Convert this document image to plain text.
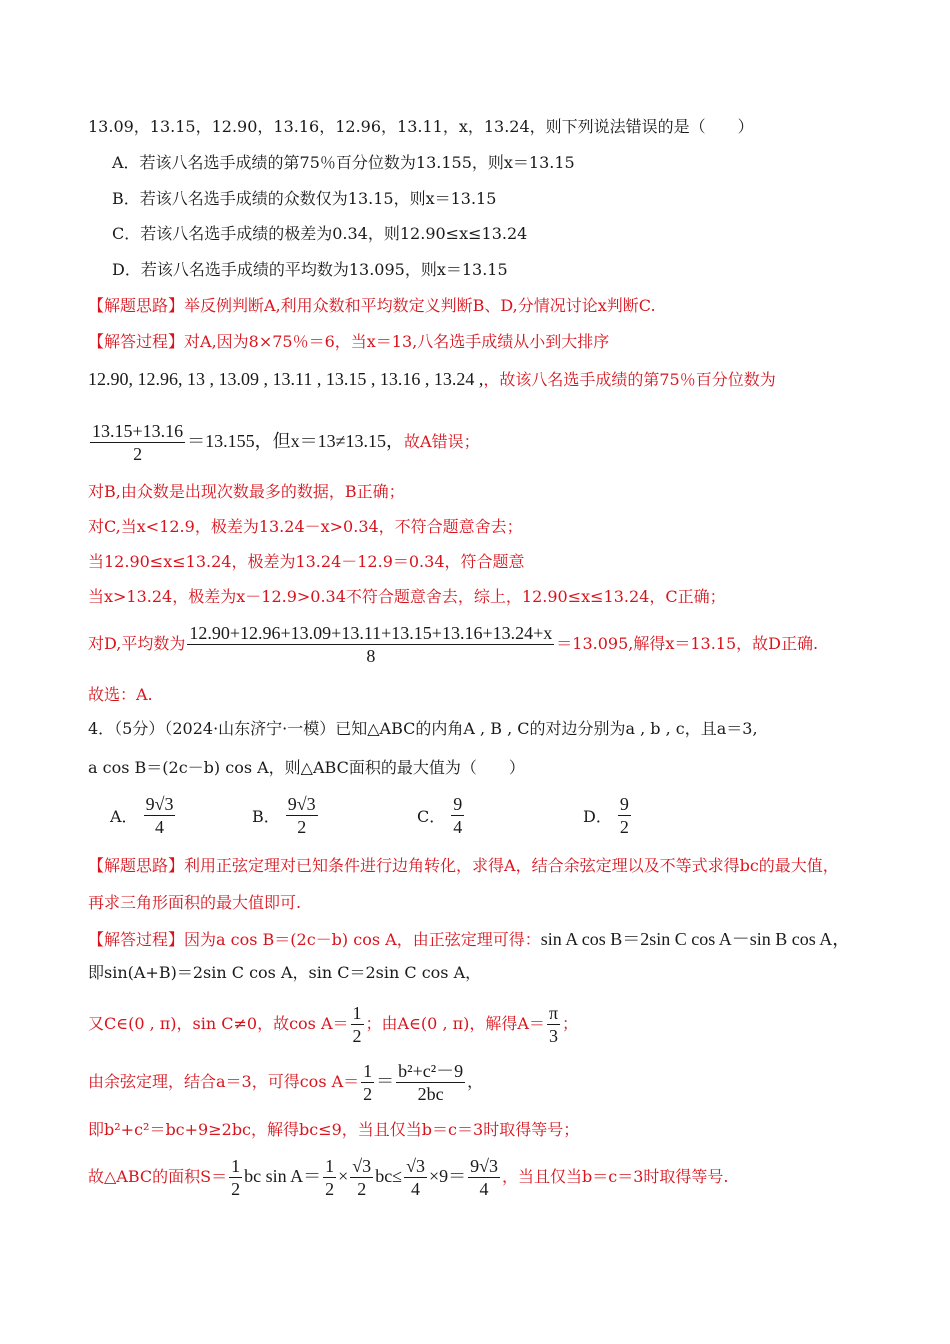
13.09，13.15，12.90，13.16，12.96，13.11，x，13.24，则下列说法错误的是（　　）
A．若该八名选手成绩的第75％百分位数为13.155，则x＝13.15
B．若该八名选手成绩的众数仅为13.15，则x＝13.15
C．若该八名选手成绩的极差为0.34，则12.90≤x≤13.24
D．若该八名选手成绩的平均数为13.095，则x＝13.15
【解题思路】举反例判断A,利用众数和平均数定义判断B、D,分情况讨论x判断C.
【解答过程】对A,因为8×75％＝6，当x＝13,八名选手成绩从小到大排序
12.90, 12.96, 13 , 13.09 , 13.11 , 13.15 , 13.16 , 13.24 ,，故该八名选手成绩的第75％百分位数为
$\frac{13.15+13.16}{2} =13.155$，但x＝13≠13.15，故A错误；
对B,由众数是出现次数最多的数据，B正确；
对C,当x<12.9，极差为13.24－x>0.34，不符合题意舍去；
当12.90≤x≤13.24，极差为13.24－12.9＝0.34，符合题意
当x>13.24，极差为x－12.9>0.34不符合题意舍去，综上，12.90≤x≤13.24，C正确；
对D,平均数为 $\frac{12.90+12.96+13.09+13.11+13.15+13.16+13.24+x}{8} =13.095$,解得x＝13.15，故D正确.
故选：A.
4．（5分）（2024·山东济宁·一模）已知△ABC的内角A , B , C的对边分别为a , b , c，且a＝3,
a cos B＝(2c－b) cos A，则△ABC面积的最大值为（　　）
A． $\frac{9√3}{4}$	B． $\frac{9√3}{2}$	C． $\frac{9}{4}$	D． $\frac{9}{2}$
【解题思路】利用正弦定理对已知条件进行边角转化，求得A，结合余弦定理以及不等式求得bc的最大值，
再求三角形面积的最大值即可.
【解答过程】因为a cos B＝(2c－b) cos A，由正弦定理可得：sin A cos B＝2sin C cos A－sin B cos A，
即sin(A+B)＝2sin C cos A，sin C＝2sin C cos A，
又C∈(0 , π)，sin C≠0，故$\cos A= \frac{1}{2}$ ；由A∈(0 , π)，解得$A= \frac{\pi}{3}$ ；
由余弦定理，结合a＝3，可得$\cos A= \frac{1}{2} = \frac{\text{b²+c²－9}}{2bc}$ ，
即b²+c²＝bc+9≥2bc，解得bc≤9，当且仅当b＝c＝3时取得等号；
故△ABC的面积$S= \frac{1}{2}$ bc $\sin A= \frac{1}{2} \times \frac{√3}{2} bc\le \frac{√3}{4} \times 9= \frac{9√3}{4}$ ，当且仅当b＝c＝3时取得等号.
